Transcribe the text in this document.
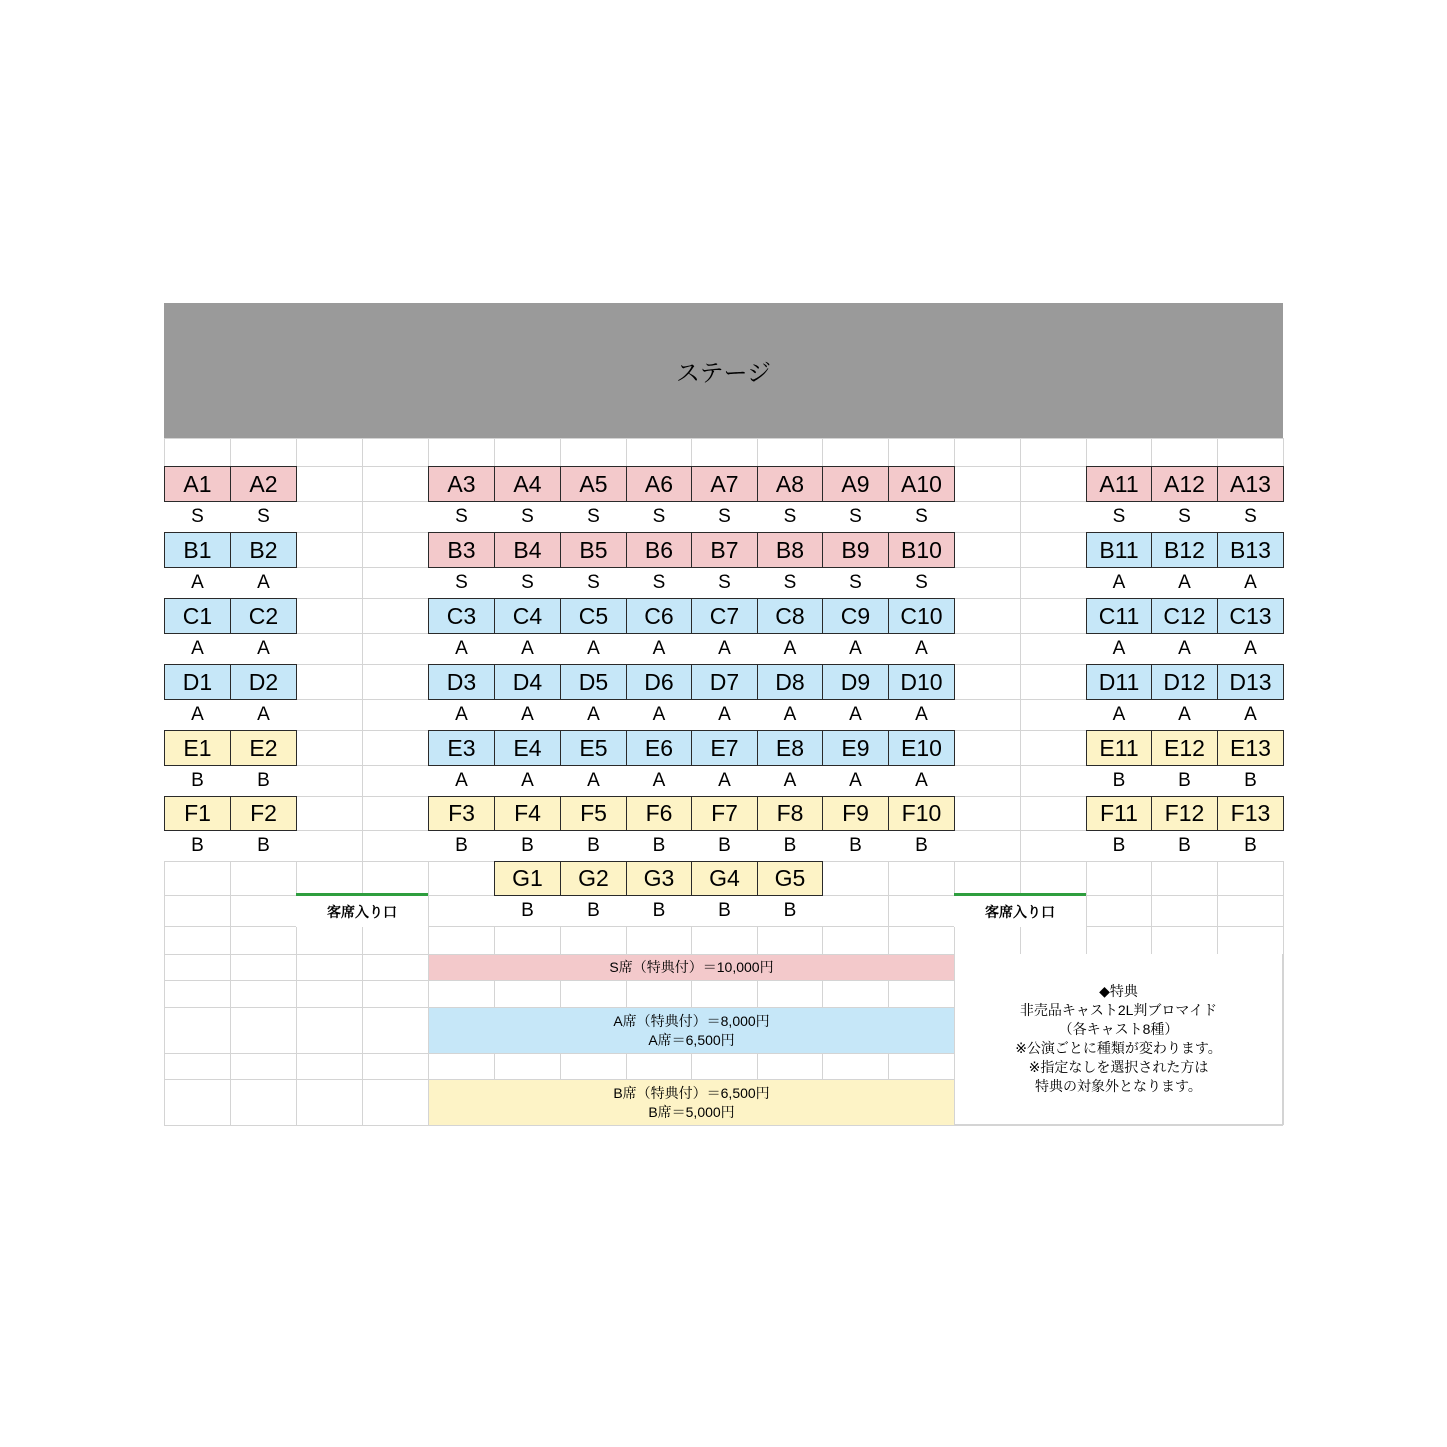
ステージ
A1
S
A2
S
A3
S
A4
S
A5
S
A6
S
A7
S
A8
S
A9
S
A10
S
A11
S
A12
S
A13
S
B1
A
B2
A
B3
S
B4
S
B5
S
B6
S
B7
S
B8
S
B9
S
B10
S
B11
A
B12
A
B13
A
C1
A
C2
A
C3
A
C4
A
C5
A
C6
A
C7
A
C8
A
C9
A
C10
A
C11
A
C12
A
C13
A
D1
A
D2
A
D3
A
D4
A
D5
A
D6
A
D7
A
D8
A
D9
A
D10
A
D11
A
D12
A
D13
A
E1
B
E2
B
E3
A
E4
A
E5
A
E6
A
E7
A
E8
A
E9
A
E10
A
E11
B
E12
B
E13
B
F1
B
F2
B
F3
B
F4
B
F5
B
F6
B
F7
B
F8
B
F9
B
F10
B
F11
B
F12
B
F13
B
G1
B
G2
B
G3
B
G4
B
G5
B
客席入り口	客席入り口
S席（特典付）＝10,000円
A席（特典付）＝8,000円
A席＝6,500円
B席（特典付）＝6,500円
B席＝5,000円
◆特典
非売品キャスト2L判ブロマイド
（各キャスト8種）
※公演ごとに種類が変わります。
※指定なしを選択された方は
特典の対象外となります。
